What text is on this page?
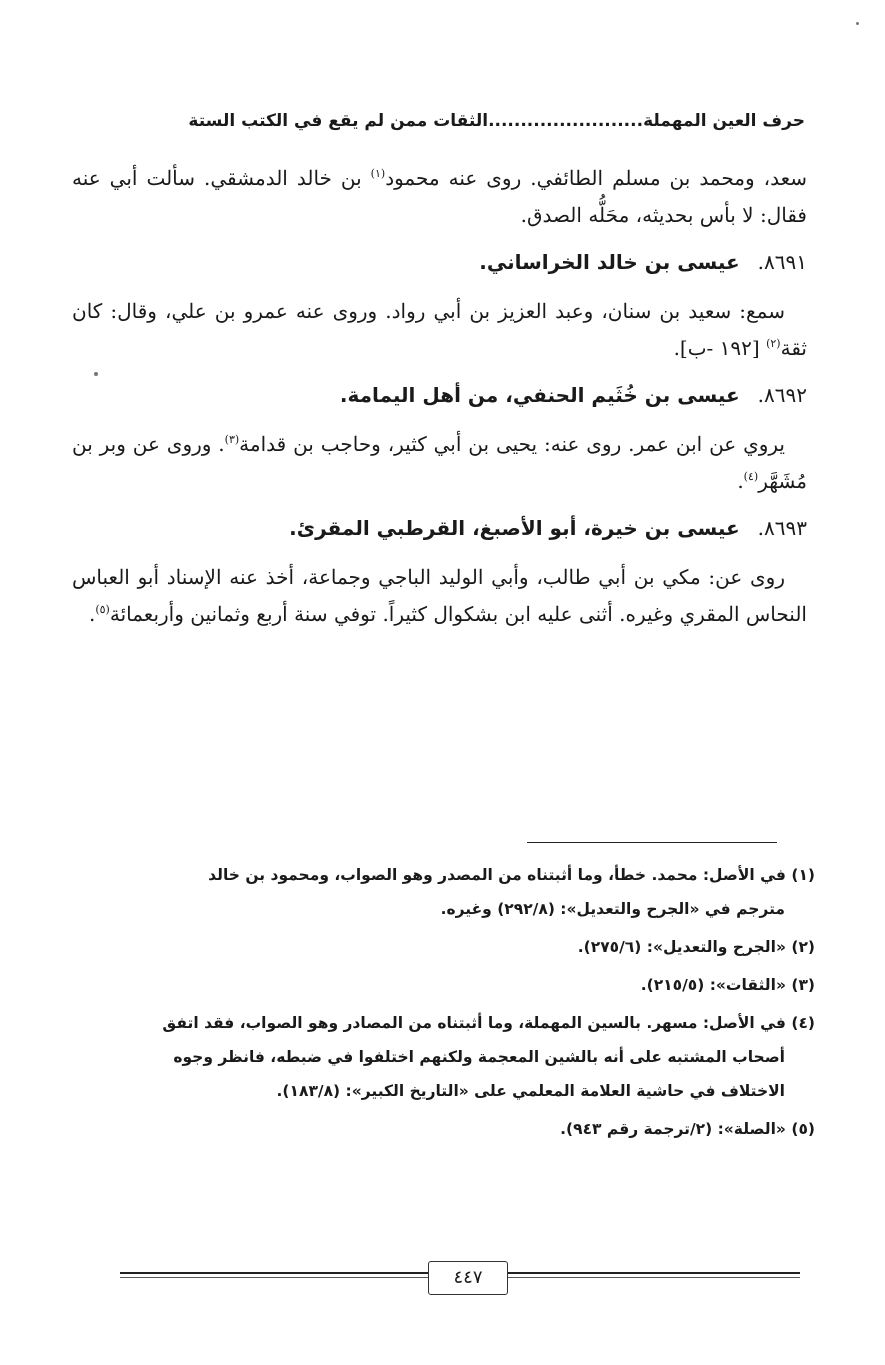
حرف العين المهملة........................الثقات ممن لم يقع في الكتب الستة

سعد، ومحمد بن مسلم الطائفي. روى عنه محمود$^{(١)}$ بن خالد الدمشقي. سألت أبي عنه فقال: لا بأس بحديثه، محَلُّه الصدق.

٨٦٩١.عيسى بن خالد الخراساني.

سمع: سعيد بن سنان، وعبد العزيز بن أبي رواد. وروى عنه عمرو بن علي، وقال: كان ثقة$^{(٢)}$ [١٩٢ -ب].

٨٦٩٢.عيسى بن خُثَيم الحنفي، من أهل اليمامة.

يروي عن ابن عمر. روى عنه: يحيى بن أبي كثير، وحاجب بن قدامة$^{(٣)}$. وروى عن وبر بن مُشَهَّر$^{(٤)}$.

٨٦٩٣.عيسى بن خيرة، أبو الأصبغ، القرطبي المقرئ.

روى عن: مكي بن أبي طالب، وأبي الوليد الباجي وجماعة، أخذ عنه الإسناد أبو العباس النحاس المقري وغيره. أثنى عليه ابن بشكوال كثيراً. توفي سنة أربع وثمانين وأربعمائة$^{(٥)}$.

(١) في الأصل: محمد. خطأ، وما أثبتناه من المصدر وهو الصواب، ومحمود بن خالد
مترجم في «الجرح والتعديل»: (٢٩٢/٨) وغيره.

(٢) «الجرح والتعديل»: (٢٧٥/٦).

(٣) «الثقات»: (٢١٥/٥).

(٤) في الأصل: مسهر. بالسين المهملة، وما أثبتناه من المصادر وهو الصواب، فقد اتفق
أصحاب المشتبه على أنه بالشين المعجمة ولكنهم اختلفوا في ضبطه، فانظر وجوه
الاختلاف في حاشية العلامة المعلمي على «التاريخ الكبير»: (١٨٣/٨).

(٥) «الصلة»: (٢/ترجمة رقم ٩٤٣).

٤٤٧
